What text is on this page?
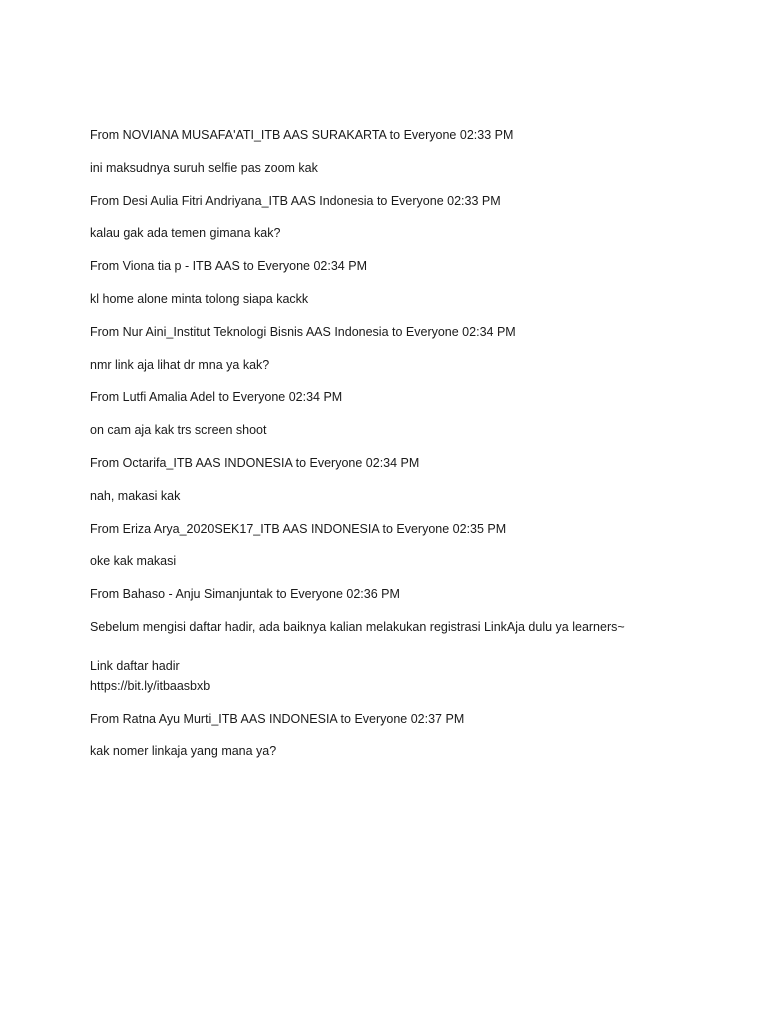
From NOVIANA MUSAFA'ATI_ITB AAS SURAKARTA to Everyone 02:33 PM
ini maksudnya suruh selfie pas zoom kak
From Desi Aulia Fitri Andriyana_ITB AAS Indonesia to Everyone 02:33 PM
kalau gak ada temen gimana kak?
From Viona tia p - ITB AAS to Everyone 02:34 PM
kl home alone minta tolong siapa kackk
From Nur Aini_Institut Teknologi Bisnis AAS Indonesia to Everyone 02:34 PM
nmr link aja lihat dr mna ya kak?
From Lutfi Amalia Adel to Everyone 02:34 PM
on cam aja kak trs screen shoot
From Octarifa_ITB AAS INDONESIA to Everyone 02:34 PM
nah, makasi kak
From Eriza Arya_2020SEK17_ITB AAS INDONESIA to Everyone 02:35 PM
oke kak makasi
From Bahaso - Anju Simanjuntak to Everyone 02:36 PM
Sebelum mengisi daftar hadir, ada baiknya kalian melakukan registrasi LinkAja dulu ya learners~
Link daftar hadir
https://bit.ly/itbaasbxb
From Ratna Ayu Murti_ITB AAS INDONESIA to Everyone 02:37 PM
kak nomer linkaja yang mana ya?
